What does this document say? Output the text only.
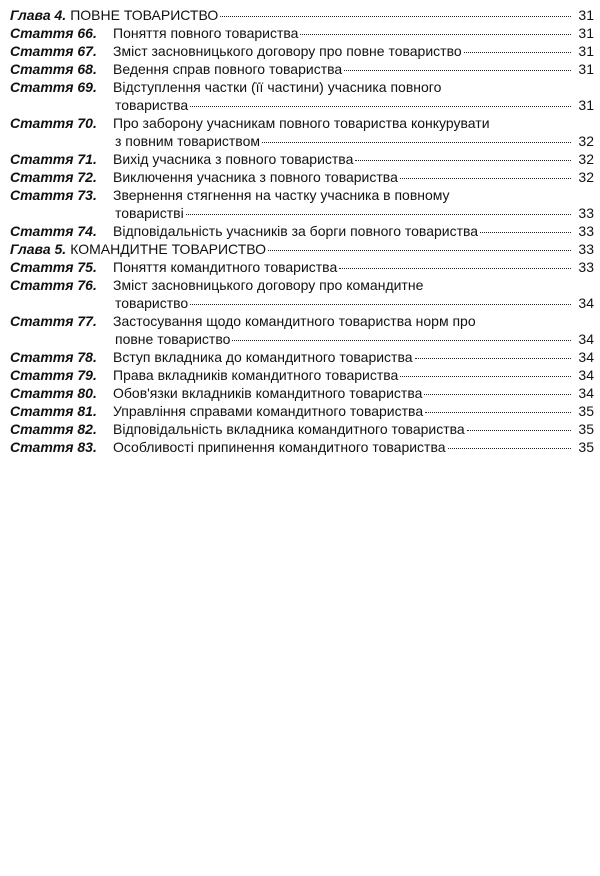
Глава 4. ПОВНЕ ТОВАРИСТВО	31
Стаття 66.	Поняття повного товариства	31
Стаття 67.	Зміст засновницького договору про повне товариство	31
Стаття 68.	Ведення справ повного товариства	31
Стаття 69.	Відступлення частки (її частини) учасника повного
товариства	31
Стаття 70.	Про заборону учасникам повного товариства конкурувати
з повним товариством	32
Стаття 71.	Вихід учасника з повного товариства	32
Стаття 72.	Виключення учасника з повного товариства	32
Стаття 73.	Звернення стягнення на частку учасника в повному
товаристві	33
Стаття 74.	Відповідальність учасників за борги повного товариства	33
Глава 5. КОМАНДИТНЕ ТОВАРИСТВО	33
Стаття 75.	Поняття командитного товариства	33
Стаття 76.	Зміст засновницького договору про командитне
товариство	34
Стаття 77.	Застосування щодо командитного товариства норм про
повне товариство	34
Стаття 78.	Вступ вкладника до командитного товариства	34
Стаття 79.	Права вкладників командитного товариства	34
Стаття 80.	Обов'язки вкладників командитного товариства	34
Стаття 81.	Управління справами командитного товариства	35
Стаття 82.	Відповідальність вкладника командитного товариства	35
Стаття 83.	Особливості припинення командитного товариства	35
